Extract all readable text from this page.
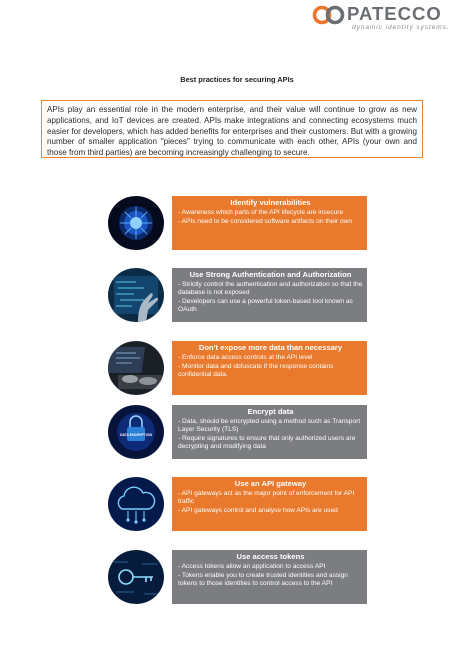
PATECCO
dynamic identity systems.
Best practices for securing APIs
APIs play an essential role in the modern enterprise, and their value will continue to grow as new applications, and IoT devices are created. APIs make integrations and connecting ecosystems much easier for developers, which has added benefits for enterprises and their customers. But with a growing number of smaller application "pieces" trying to communicate with each other, APIs (your own and those from third parties) are becoming increasingly challenging to secure.
Identify vulnerabilities
- Awareness which parts of the API lifecycle are insecure
- APIs need to be considered software artifacts on their own
Use Strong Authentication and Authorization
- Strictly control the authentication and authorization so that the database is not exposed
- Developers can use a powerful token-based tool known as OAuth
Don't expose more data than necessary
- Enforce data access controls at the API level
- Monitor data and obfuscate if the response contains confidential data.
DATA ENCRYPTION
Encrypt data
- Data, should be encrypted using a method such as Transport Layer Security (TLS)
- Require signatures to ensure that only authorized users are decrypting and modifying data
Use an API gateway
- API gateways act as the major point of enforcement for API traffic
- API gateways control and analyse how APIs are used
Use access tokens
- Access tokens allow an application to access API
- Tokens enable you to create trusted identities and assign tokens to those identities to control access to the API
